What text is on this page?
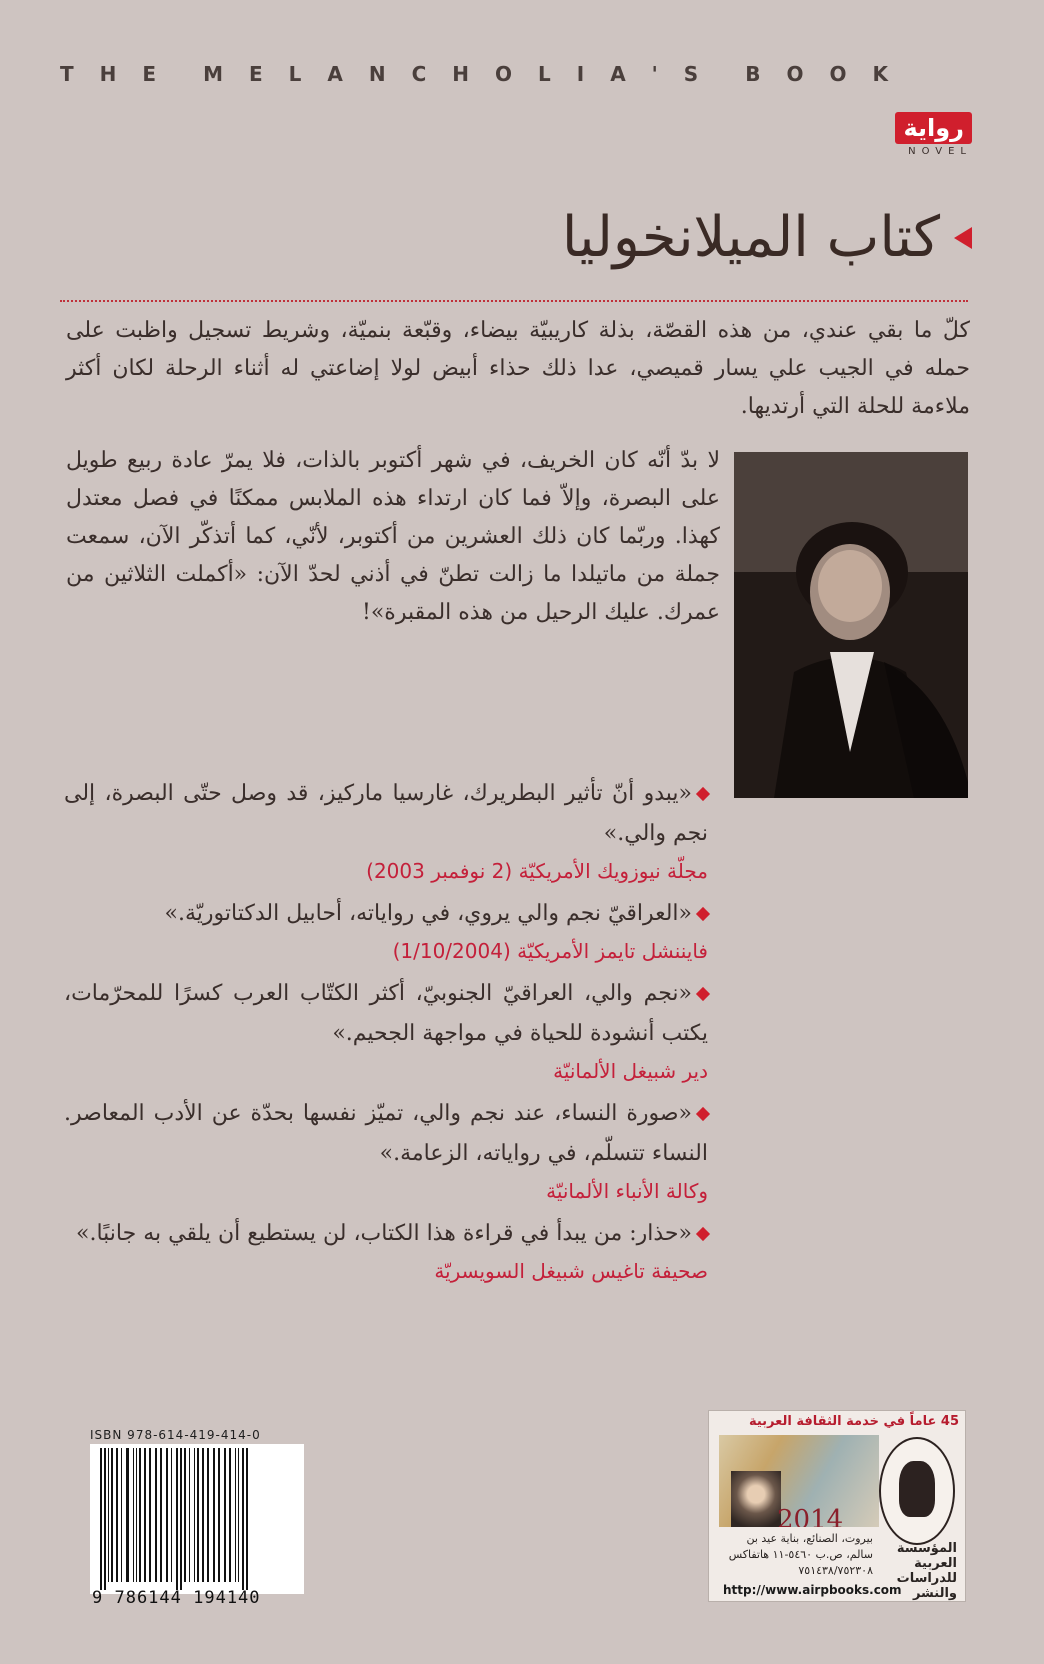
THE MELANCHOLIA'S BOOK
رواية
NOVEL
كتاب الميلانخوليا
كلّ ما بقي عندي، من هذه القصّة، بذلة كاريبيّة بيضاء، وقبّعة بنميّة، وشريط تسجيل واظبت على حمله في الجيب علي يسار قميصي، عدا ذلك حذاء أبيض لولا إضاعتي له أثناء الرحلة لكان أكثر ملاءمة للحلة التي أرتديها.
لا بدّ أنّه كان الخريف، في شهر أكتوبر بالذات، فلا يمرّ عادة ربيع طويل على البصرة، وإلاّ فما كان ارتداء هذه الملابس ممكنًا في فصل معتدل كهذا. وربّما كان ذلك العشرين من أكتوبر، لأنّي، كما أتذكّر الآن، سمعت جملة من ماتيلدا ما زالت تطنّ في أذني لحدّ الآن: «أكملت الثلاثين من عمرك. عليك الرحيل من هذه المقبرة»!
«يبدو أنّ تأثير البطريرك، غارسيا ماركيز، قد وصل حتّى البصرة، إلى نجم والي.»
مجلّة نيوزويك الأمريكيّة (2 نوفمبر 2003)
«العراقيّ نجم والي يروي، في رواياته، أحابيل الدكتاتوريّة.»
فايننشل تايمز الأمريكيّة (1/10/2004)
«نجم والي، العراقيّ الجنوبيّ، أكثر الكتّاب العرب كسرًا للمحرّمات، يكتب أنشودة للحياة في مواجهة الجحيم.»
دير شبيغل الألمانيّة
«صورة النساء، عند نجم والي، تميّز نفسها بحدّة عن الأدب المعاصر. النساء تتسلّم، في رواياته، الزعامة.»
وكالة الأنباء الألمانيّة
«حذار: من يبدأ في قراءة هذا الكتاب، لن يستطيع أن يلقي به جانبًا.»
صحيفة تاغيس شبيغل السويسريّة
ISBN 978-614-419-414-0
9 786144 194140
45 عاماً في خدمة الثقافة العربية
2014
بيروت، الصنائع، بناية عيد بن سالم، ص.ب ٥٤٦٠-١١ هاتفاكس ٧٥١٤٣٨/٧٥٢٣٠٨
المؤسسة العربية للدراسات والنشر
http://www.airpbooks.com
